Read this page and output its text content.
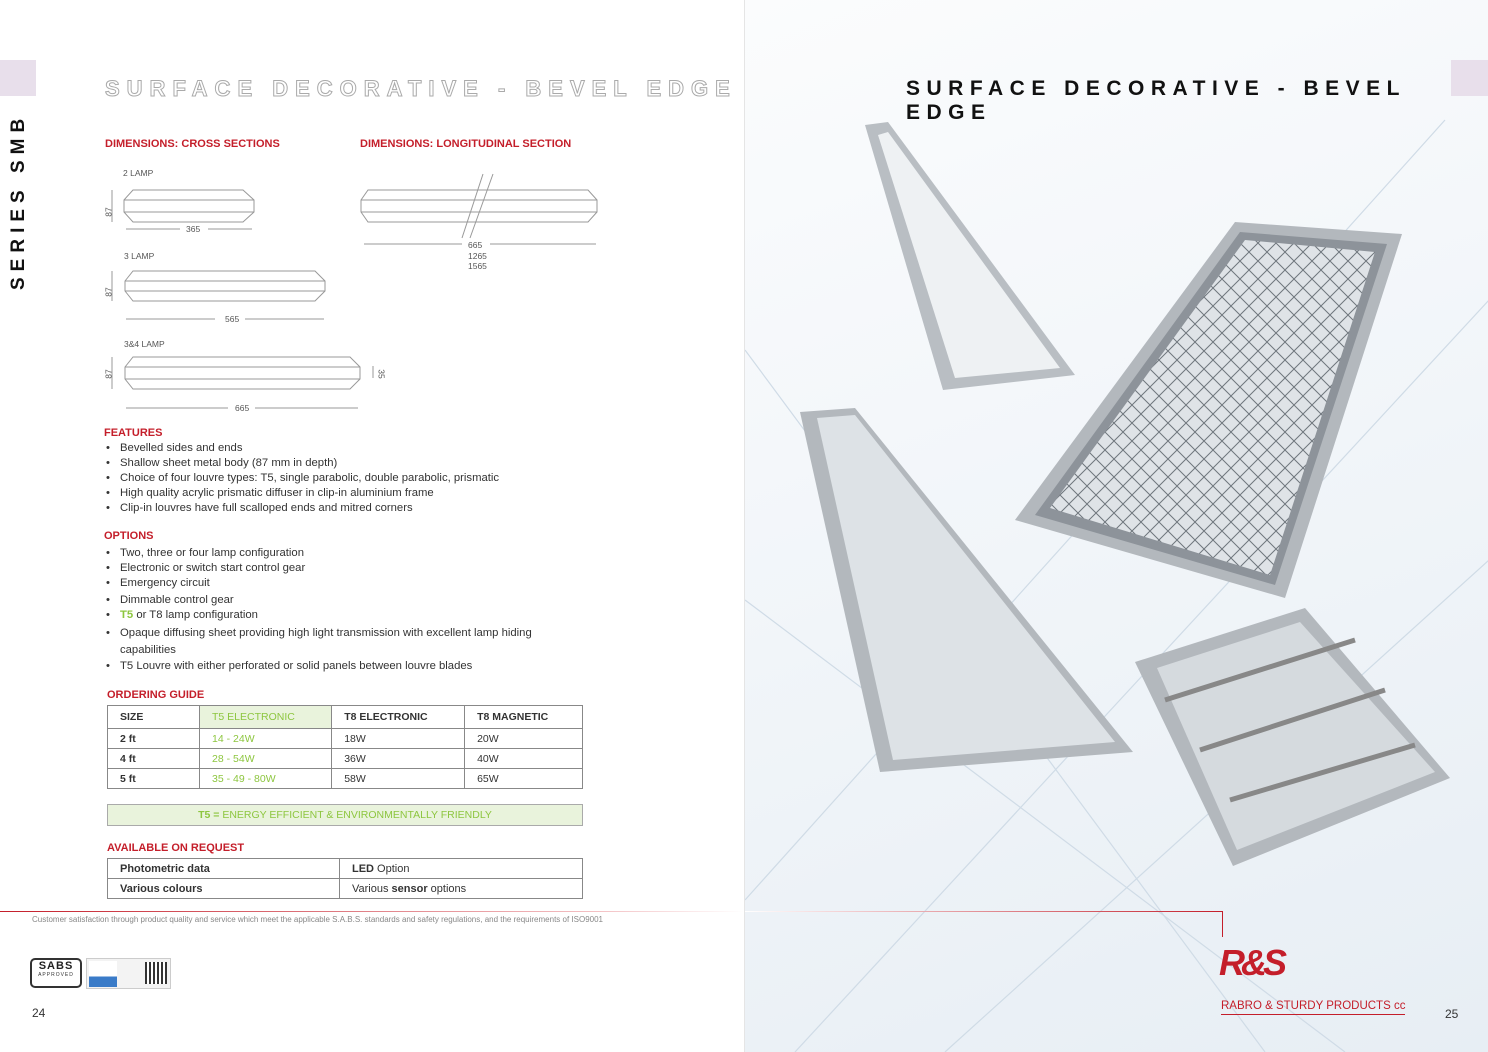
SURFACE DECORATIVE - BEVEL EDGE
SERIES SMB	DIMENSIONS: CROSS SECTIONS	DIMENSIONS: LONGITUDINAL SECTION
2 LAMP
3 LAMP
3&4 LAMP
365
565
665
87
87
87	35
665
1265
1565
FEATURES
• Bevelled sides and ends
• Shallow sheet metal body (87 mm in depth)
• Choice of four louvre types: T5, single parabolic, double parabolic, prismatic
• High quality acrylic prismatic diffuser in clip-in aluminium frame
• Clip-in louvres have full scalloped ends and mitred corners
OPTIONS
• Two, three or four lamp configuration
• Electronic or switch start control gear
• Emergency circuit
• Dimmable control gear
• T5 or T8 lamp configuration
• Opaque diffusing sheet providing high light transmission with excellent lamp hiding capabilities
• T5 Louvre with either perforated or solid panels between louvre blades
ORDERING GUIDE
SIZE	T5 ELECTRONIC	T8 ELECTRONIC	T8 MAGNETIC
2 ft	14 - 24W	18W	20W
4 ft	28 - 54W	36W	40W
5 ft	35 - 49 - 80W	58W	65W
T5 = ENERGY EFFICIENT & ENVIRONMENTALLY FRIENDLY
AVAILABLE ON REQUEST
Photometric data	LED Option
Various colours	Various sensor options
Customer satisfaction through product quality and service which meet the applicable S.A.B.S. standards and safety regulations, and the requirements of ISO9001
SABS
APPROVED
24
SURFACE DECORATIVE - BEVEL EDGE
R&S
RABRO & STURDY PRODUCTS cc
25
